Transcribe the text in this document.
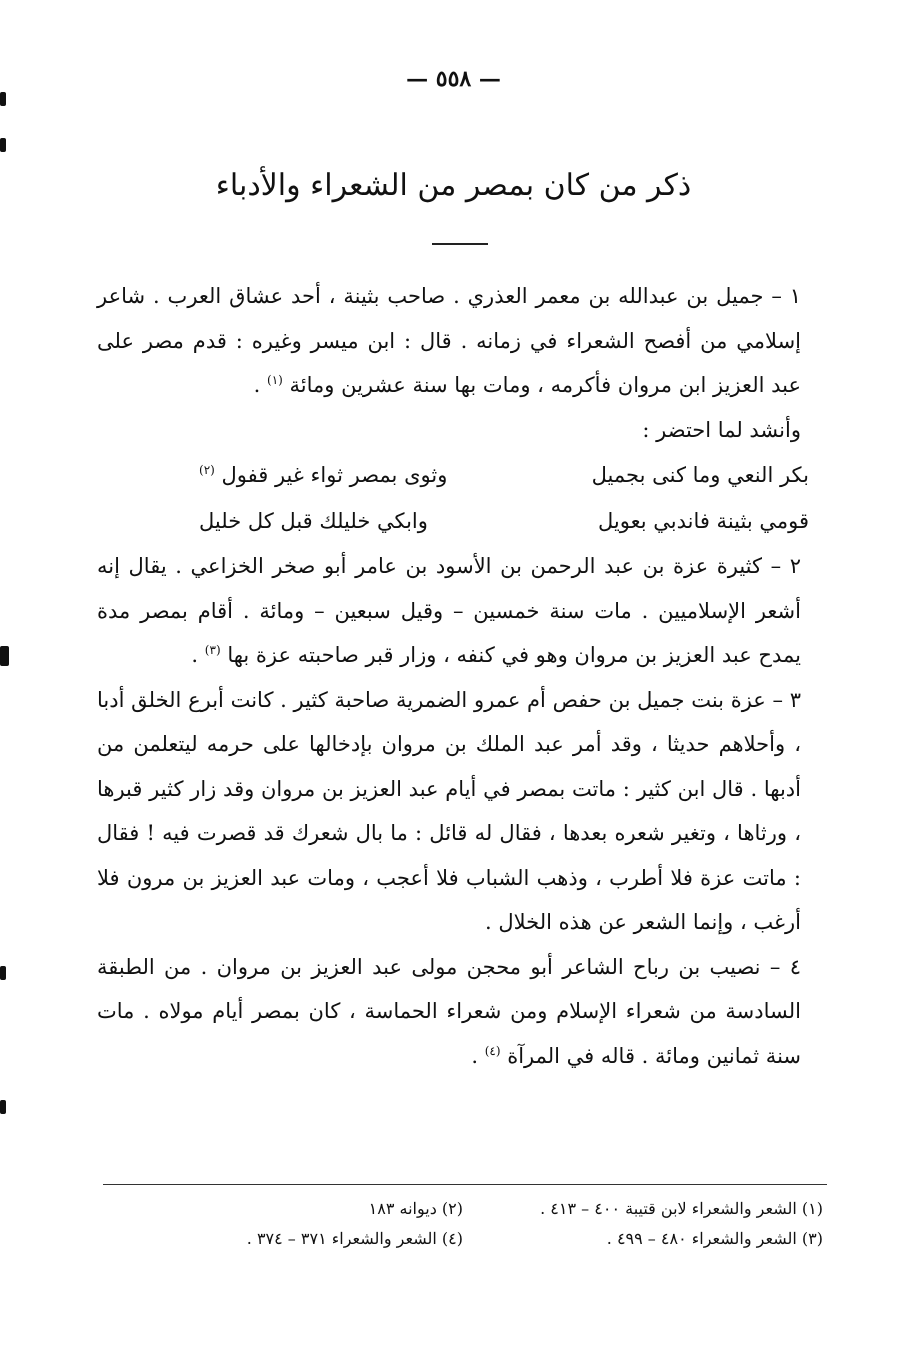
— ٥٥٨ —
ذكر من كان بمصر من الشعراء والأدباء

١ – جميل بن عبدالله بن معمر العذري . صاحب بثينة ، أحد عشاق العرب . شاعر إسلامي من أفصح الشعراء في زمانه . قال : ابن ميسر وغيره : قدم مصر على عبد العزيز ابن مروان فأكرمه ، ومات بها سنة عشرين ومائة $^{(١)}$ .

وأنشد لما احتضر :

بكر النعي وما كنى بجميل
وثوى بمصر ثواء غير قفول $^{(٢)}$
قومي بثينة فاندبي بعويل
وابكي خليلك قبل كل خليل

٢ – كثيرة عزة بن عبد الرحمن بن الأسود بن عامر أبو صخر الخزاعي . يقال إنه أشعر الإسلاميين . مات سنة خمسين – وقيل سبعين – ومائة . أقام بمصر مدة يمدح عبد العزيز بن مروان وهو في كنفه ، وزار قبر صاحبته عزة بها $^{(٣)}$ .

٣ – عزة بنت جميل بن حفص أم عمرو الضمرية صاحبة كثير . كانت أبرع الخلق أدبا ، وأحلاهم حديثا ، وقد أمر عبد الملك بن مروان بإدخالها على حرمه ليتعلمن من أدبها . قال ابن كثير : ماتت بمصر في أيام عبد العزيز بن مروان وقد زار كثير قبرها ، ورثاها ، وتغير شعره بعدها ، فقال له قائل : ما بال شعرك قد قصرت فيه ! فقال : ماتت عزة فلا أطرب ، وذهب الشباب فلا أعجب ، ومات عبد العزيز بن مرون فلا أرغب ، وإنما الشعر عن هذه الخلال .

٤ – نصيب بن رباح الشاعر أبو محجن مولى عبد العزيز بن مروان . من الطبقة السادسة من شعراء الإسلام ومن شعراء الحماسة ، كان بمصر أيام مولاه . مات سنة ثمانين ومائة . قاله في المرآة $^{(٤)}$ .

(١) الشعر والشعراء لابن قتيبة ٤٠٠ – ٤١٣ .
(٢) ديوانه ١٨٣
(٣) الشعر والشعراء ٤٨٠ – ٤٩٩ .
(٤) الشعر والشعراء ٣٧١ – ٣٧٤ .
